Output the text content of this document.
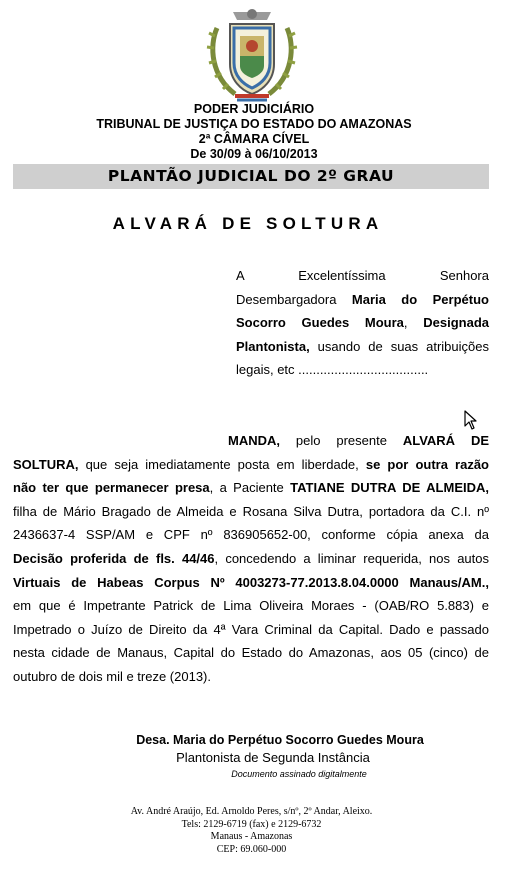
PODER JUDICIÁRIO
TRIBUNAL DE JUSTIÇA DO ESTADO DO AMAZONAS
2ª CÂMARA CÍVEL
De 30/09 à 06/10/2013
PLANTÃO JUDICIAL DO 2º GRAU
ALVARÁ DE SOLTURA
A	Excelentíssima	Senhora
Desembargadora Maria do Perpétuo
Socorro Guedes Moura, Designada
Plantonista, usando de suas atribuições
legais, etc ....................................
MANDA, pelo presente ALVARÁ DE
SOLTURA, que seja imediatamente posta em liberdade, se por outra razão
não ter que permanecer presa, a Paciente TATIANE DUTRA DE ALMEIDA,
filha de Mário Bragado de Almeida e Rosana Silva Dutra, portadora da C.I. nº
2436637-4 SSP/AM e CPF nº 836905652-00, conforme cópia anexa da
Decisão proferida de fls. 44/46, concedendo a liminar requerida, nos autos
Virtuais de Habeas Corpus Nº 4003273-77.2013.8.04.0000 Manaus/AM.,
em que é Impetrante Patrick de Lima Oliveira Moraes - (OAB/RO 5.883) e
Impetrado o Juízo de Direito da 4ª Vara Criminal da Capital. Dado e passado
nesta cidade de Manaus, Capital do Estado do Amazonas, aos 05 (cinco) de
outubro de dois mil e treze (2013).
Desa. Maria do Perpétuo Socorro Guedes Moura
Plantonista de Segunda Instância
Documento assinado digitalmente
Av. André Araújo, Ed. Arnoldo Peres, s/nº, 2º Andar, Aleixo.
Tels: 2129-6719 (fax) e 2129-6732
Manaus - Amazonas
CEP: 69.060-000
